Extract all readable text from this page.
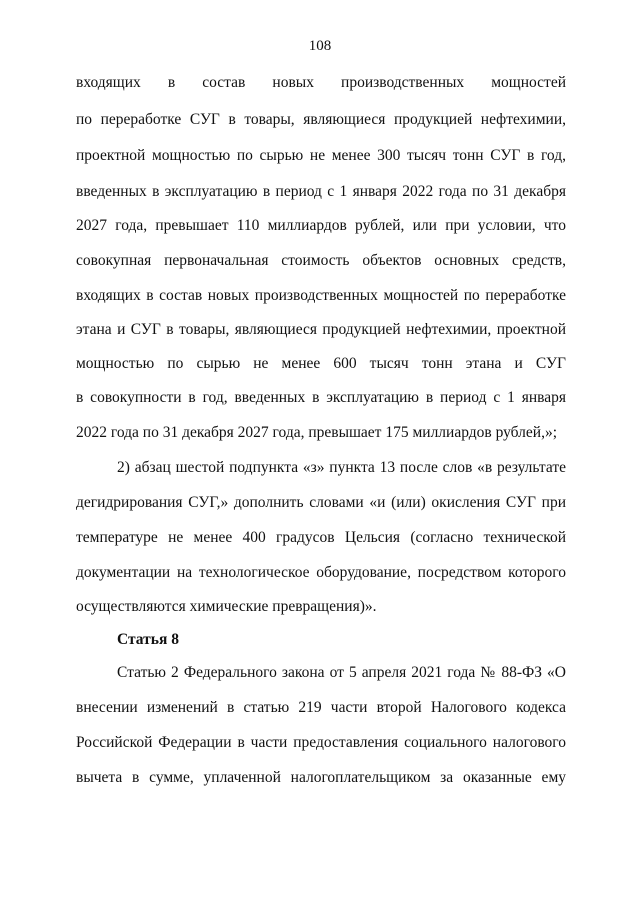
108
входящих в состав новых производственных мощностей
по переработке СУГ в товары, являющиеся продукцией нефтехимии,
проектной мощностью по сырью не менее 300 тысяч тонн СУГ в год,
введенных в эксплуатацию в период с 1 января 2022 года по 31 декабря
2027 года, превышает 110 миллиардов рублей, или при условии, что
совокупная первоначальная стоимость объектов основных средств,
входящих в состав новых производственных мощностей по переработке
этана и СУГ в товары, являющиеся продукцией нефтехимии, проектной
мощностью по сырью не менее 600 тысяч тонн этана и СУГ
в совокупности в год, введенных в эксплуатацию в период с 1 января
2022 года по 31 декабря 2027 года, превышает 175 миллиардов рублей,»;
2) абзац шестой подпункта «з» пункта 13 после слов «в результате
дегидрирования СУГ,» дополнить словами «и (или) окисления СУГ при
температуре не менее 400 градусов Цельсия (согласно технической
документации на технологическое оборудование, посредством которого
осуществляются химические превращения)».
Статья 8
Статью 2 Федерального закона от 5 апреля 2021 года № 88-ФЗ «О
внесении изменений в статью 219 части второй Налогового кодекса
Российской Федерации в части предоставления социального налогового
вычета в сумме, уплаченной налогоплательщиком за оказанные ему
